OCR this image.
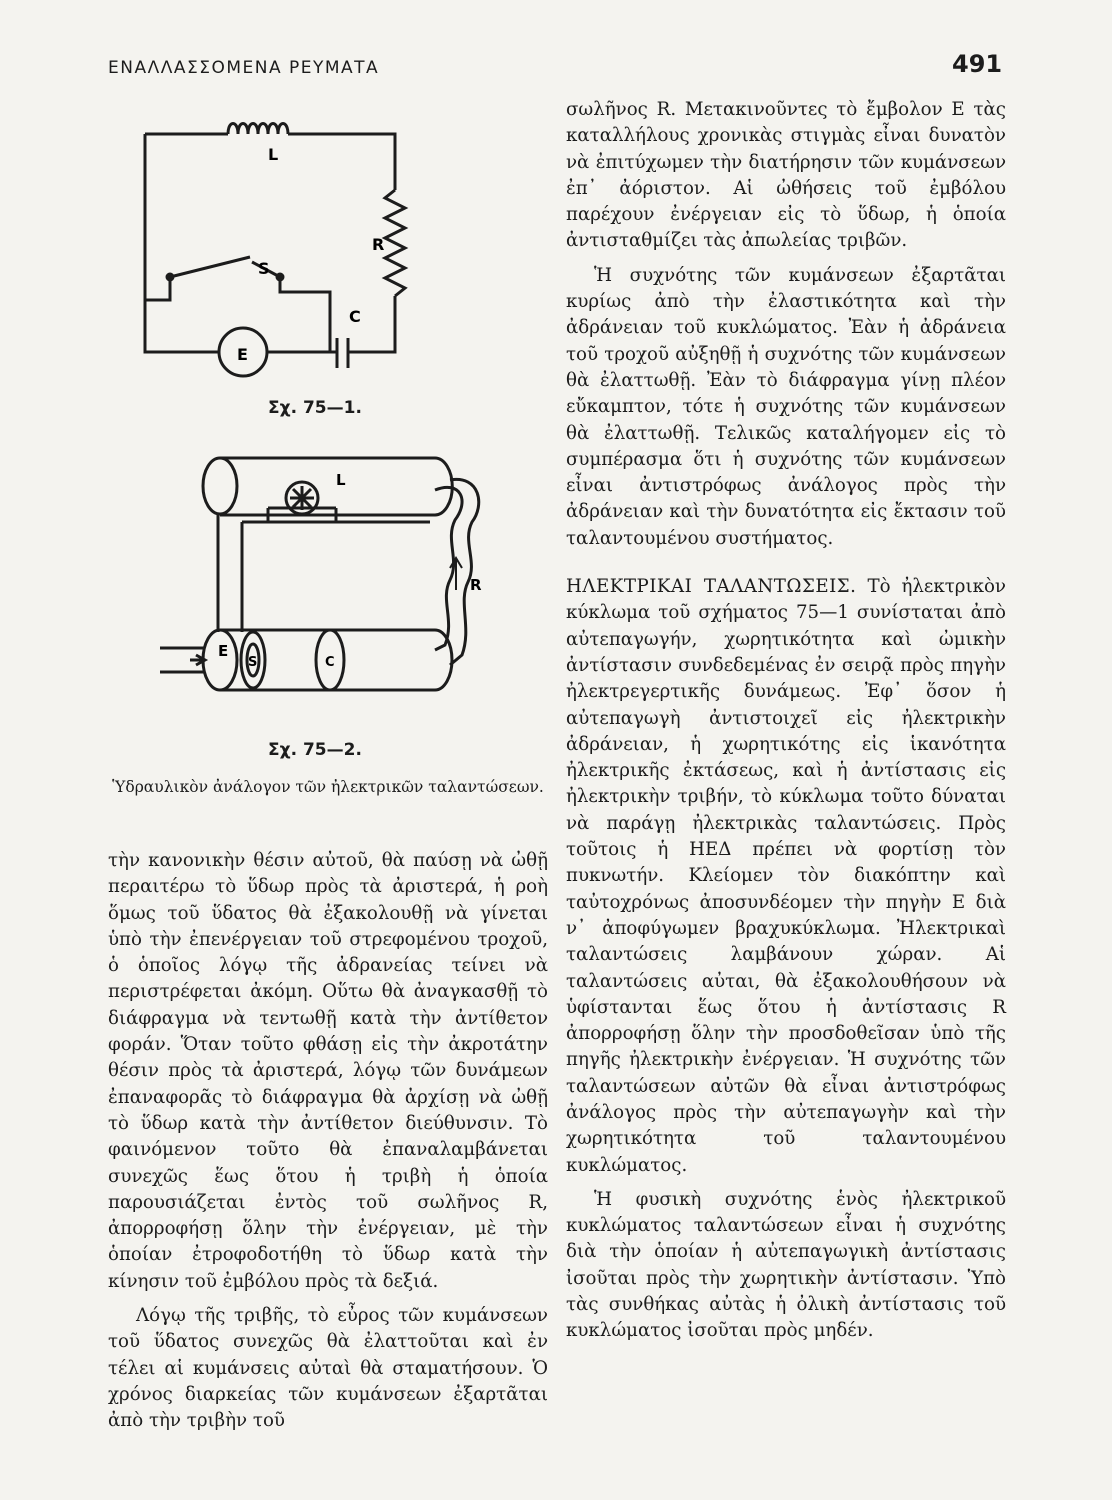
ΕΝΑΛΛΑΣΣΟΜΕΝΑ ΡΕΥΜΑΤΑ	491
L
R
S
C
E
Σχ. 75—1.
L
R
E
S	C
Σχ. 75—2.
Ὑδραυλικὸν ἀνάλογον τῶν ἠλεκτρικῶν ταλαντώσεων.

τὴν κανονικὴν θέσιν αὐτοῦ, θὰ παύσῃ νὰ ὠθῇ περαιτέρω τὸ ὕδωρ πρὸς τὰ ἀριστερά, ἡ ροὴ ὅμως τοῦ ὕδατος θὰ ἐξακολουθῇ νὰ γίνεται ὑπὸ τὴν ἐπενέργειαν τοῦ στρεφομένου τροχοῦ, ὁ ὁποῖος λόγῳ τῆς ἀδρανείας τείνει νὰ περιστρέφεται ἀκόμη. Οὕτω θὰ ἀναγκασθῇ τὸ διάφραγμα νὰ τεντωθῇ κατὰ τὴν ἀντίθετον φοράν. Ὅταν τοῦτο φθάσῃ εἰς τὴν ἀκροτάτην θέσιν πρὸς τὰ ἀριστερά, λόγῳ τῶν δυνάμεων ἐπαναφορᾶς τὸ διάφραγμα θὰ ἀρχίσῃ νὰ ὠθῇ τὸ ὕδωρ κατὰ τὴν ἀντίθετον διεύθυνσιν. Τὸ φαινόμενον τοῦτο θὰ ἐπαναλαμβάνεται συνεχῶς ἕως ὅτου ἡ τριβὴ ἡ ὁποία παρουσιάζεται ἐντὸς τοῦ σωλῆνος R, ἀπορροφήσῃ ὅλην τὴν ἐνέργειαν, μὲ τὴν ὁποίαν ἐτροφοδοτήθη τὸ ὕδωρ κατὰ τὴν κίνησιν τοῦ ἐμβόλου πρὸς τὰ δεξιά.

Λόγῳ τῆς τριβῆς, τὸ εὖρος τῶν κυμάνσεων τοῦ ὕδατος συνεχῶς θὰ ἐλαττοῦται καὶ ἐν τέλει αἱ κυμάνσεις αὐταὶ θὰ σταματήσουν. Ὁ χρόνος διαρκείας τῶν κυμάνσεων ἐξαρτᾶται ἀπὸ τὴν τριβὴν τοῦ

σωλῆνος R. Μετακινοῦντες τὸ ἔμβολον Ε τὰς καταλλήλους χρονικὰς στιγμὰς εἶναι δυνατὸν νὰ ἐπιτύχωμεν τὴν διατήρησιν τῶν κυμάνσεων ἐπ᾽ ἀόριστον. Αἱ ὠθήσεις τοῦ ἐμβόλου παρέχουν ἐνέργειαν εἰς τὸ ὕδωρ, ἡ ὁποία ἀντισταθμίζει τὰς ἀπωλείας τριβῶν.

Ἡ συχνότης τῶν κυμάνσεων ἐξαρτᾶται κυρίως ἀπὸ τὴν ἐλαστικότητα καὶ τὴν ἀδράνειαν τοῦ κυκλώματος. Ἐὰν ἡ ἀδράνεια τοῦ τροχοῦ αὐξηθῇ ἡ συχνότης τῶν κυμάνσεων θὰ ἐλαττωθῇ. Ἐὰν τὸ διάφραγμα γίνῃ πλέον εὔκαμπτον, τότε ἡ συχνότης τῶν κυμάνσεων θὰ ἐλαττωθῇ. Τελικῶς καταλήγομεν εἰς τὸ συμπέρασμα ὅτι ἡ συχνότης τῶν κυμάνσεων εἶναι ἀντιστρόφως ἀνάλογος πρὸς τὴν ἀδράνειαν καὶ τὴν δυνατότητα εἰς ἔκτασιν τοῦ ταλαντουμένου συστήματος.

ΗΛΕΚΤΡΙΚΑΙ ΤΑΛΑΝΤΩΣΕΙΣ. Τὸ ἠλεκτρικὸν κύκλωμα τοῦ σχήματος 75—1 συνίσταται ἀπὸ αὐτεπαγωγήν, χωρητικότητα καὶ ὠμικὴν ἀντίστασιν συνδεδεμένας ἐν σειρᾷ πρὸς πηγὴν ἠλεκτρεγερτικῆς δυνάμεως. Ἐφ᾽ ὅσον ἡ αὐτεπαγωγὴ ἀντιστοιχεῖ εἰς ἠλεκτρικὴν ἀδράνειαν, ἡ χωρητικότης εἰς ἱκανότητα ἠλεκτρικῆς ἐκτάσεως, καὶ ἡ ἀντίστασις εἰς ἠλεκτρικὴν τριβήν, τὸ κύκλωμα τοῦτο δύναται νὰ παράγῃ ἠλεκτρικὰς ταλαντώσεις. Πρὸς τοῦτοις ἡ ΗΕΔ πρέπει νὰ φορτίσῃ τὸν πυκνωτήν. Κλείομεν τὸν διακόπτην καὶ ταὐτοχρόνως ἀποσυνδέομεν τὴν πηγὴν Ε διὰ ν᾽ ἀποφύγωμεν βραχυκύκλωμα. Ἠλεκτρικαὶ ταλαντώσεις λαμβάνουν χώραν. Αἱ ταλαντώσεις αὐται, θὰ ἐξακολουθήσουν νὰ ὑφίστανται ἕως ὅτου ἡ ἀντίστασις R ἀπορροφήσῃ ὅλην τὴν προσδοθεῖσαν ὑπὸ τῆς πηγῆς ἠλεκτρικὴν ἐνέργειαν. Ἡ συχνότης τῶν ταλαντώσεων αὐτῶν θὰ εἶναι ἀντιστρόφως ἀνάλογος πρὸς τὴν αὐτεπαγωγὴν καὶ τὴν χωρητικότητα τοῦ ταλαντουμένου κυκλώματος.

Ἡ φυσικὴ συχνότης ἑνὸς ἠλεκτρικοῦ κυκλώματος ταλαντώσεων εἶναι ἡ συχνότης διὰ τὴν ὁποίαν ἡ αὐτεπαγωγικὴ ἀντίστασις ἰσοῦται πρὸς τὴν χωρητικὴν ἀντίστασιν. Ὑπὸ τὰς συνθήκας αὐτὰς ἡ ὀλικὴ ἀντίστασις τοῦ κυκλώματος ἰσοῦται πρὸς μηδέν.
